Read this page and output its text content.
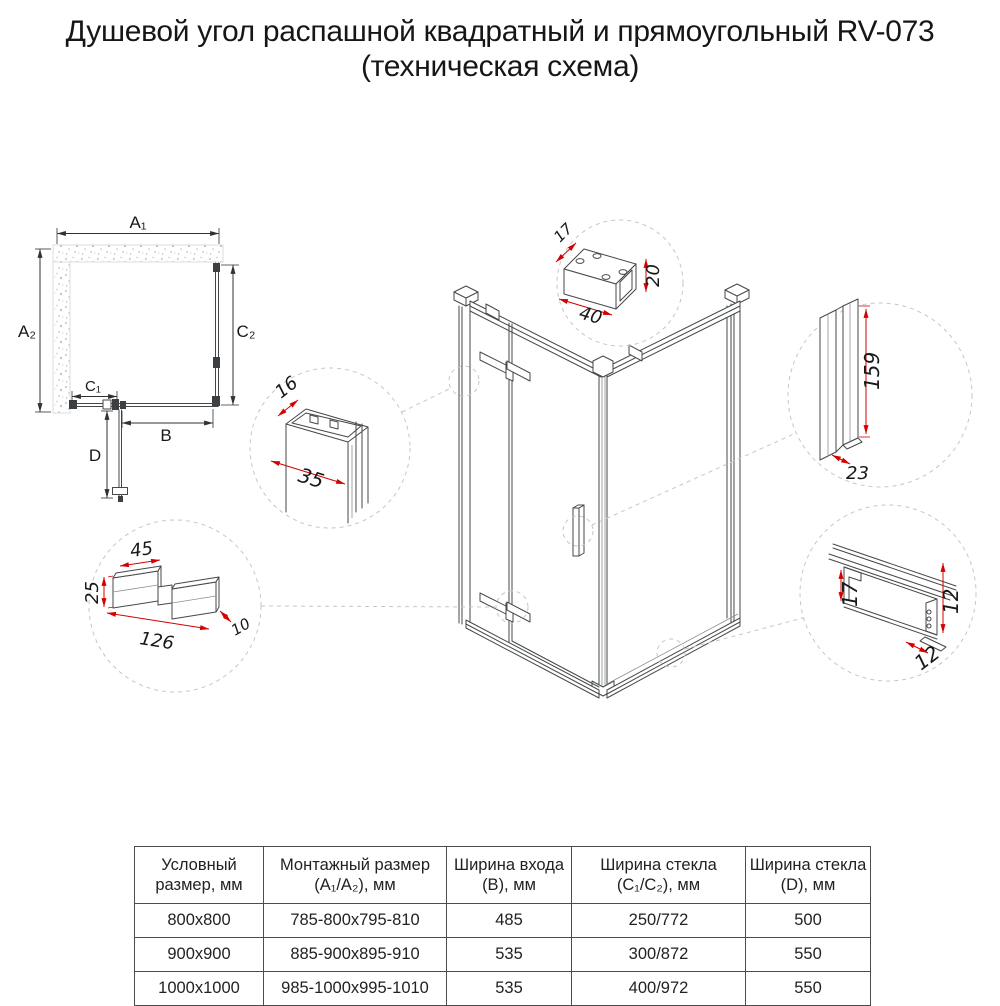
Душевой угол распашной квадратный и прямоугольный RV-073
(техническая схема)
A₁
A₂	C₂
C₁
B
D
17
20
40
16
35
159
23
45
25
126
10
17	12
12
Условный размер, мм	Монтажный размер (A₁/A₂), мм	Ширина входа (B), мм	Ширина стекла (C₁/C₂), мм	Ширина стекла (D), мм
800x800	785-800x795-810	485	250/772	500
900x900	885-900x895-910	535	300/872	550
1000x1000	985-1000x995-1010	535	400/972	550
